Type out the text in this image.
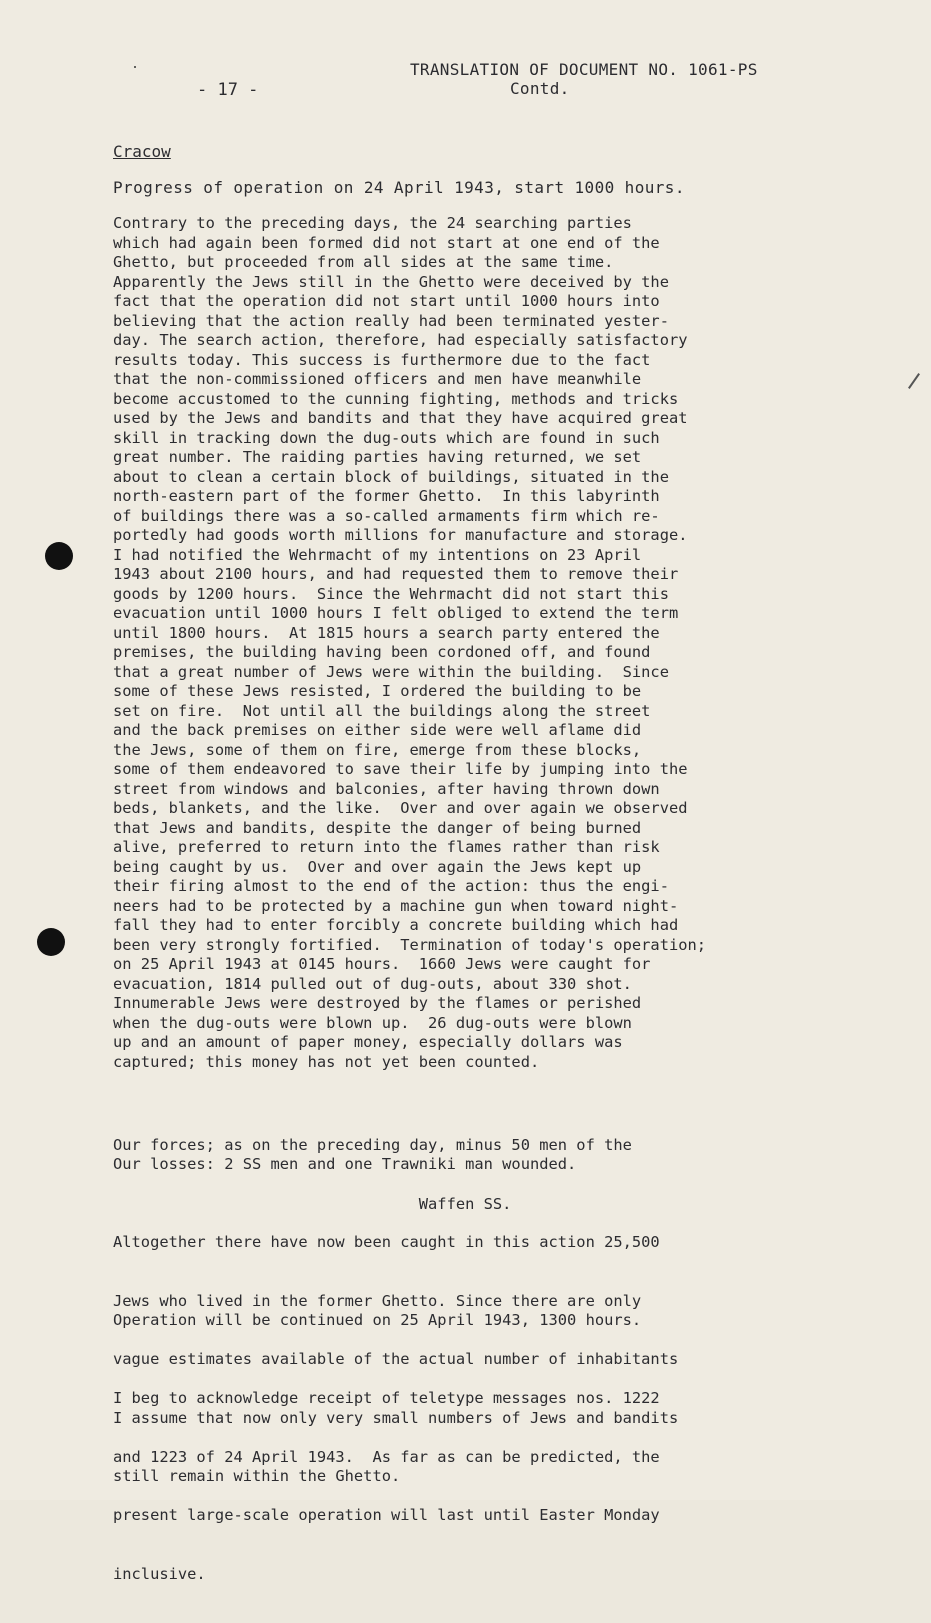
- 17 -
TRANSLATION OF DOCUMENT NO. 1061-PS
Contd.
Cracow
Progress of operation on 24 April 1943, start 1000 hours.
Contrary to the preceding days, the 24 searching parties
which had again been formed did not start at one end of the
Ghetto, but proceeded from all sides at the same time.
Apparently the Jews still in the Ghetto were deceived by the
fact that the operation did not start until 1000 hours into
believing that the action really had been terminated yester-
day. The search action, therefore, had especially satisfactory
results today. This success is furthermore due to the fact
that the non-commissioned officers and men have meanwhile
become accustomed to the cunning fighting, methods and tricks
used by the Jews and bandits and that they have acquired great
skill in tracking down the dug-outs which are found in such
great number. The raiding parties having returned, we set
about to clean a certain block of buildings, situated in the
north-eastern part of the former Ghetto.  In this labyrinth
of buildings there was a so-called armaments firm which re-
portedly had goods worth millions for manufacture and storage.
I had notified the Wehrmacht of my intentions on 23 April
1943 about 2100 hours, and had requested them to remove their
goods by 1200 hours.  Since the Wehrmacht did not start this
evacuation until 1000 hours I felt obliged to extend the term
until 1800 hours.  At 1815 hours a search party entered the
premises, the building having been cordoned off, and found
that a great number of Jews were within the building.  Since
some of these Jews resisted, I ordered the building to be
set on fire.  Not until all the buildings along the street
and the back premises on either side were well aflame did
the Jews, some of them on fire, emerge from these blocks,
some of them endeavored to save their life by jumping into the
street from windows and balconies, after having thrown down
beds, blankets, and the like.  Over and over again we observed
that Jews and bandits, despite the danger of being burned
alive, preferred to return into the flames rather than risk
being caught by us.  Over and over again the Jews kept up
their firing almost to the end of the action: thus the engi-
neers had to be protected by a machine gun when toward night-
fall they had to enter forcibly a concrete building which had
been very strongly fortified.  Termination of today's operation;
on 25 April 1943 at 0145 hours.  1660 Jews were caught for
evacuation, 1814 pulled out of dug-outs, about 330 shot.
Innumerable Jews were destroyed by the flames or perished
when the dug-outs were blown up.  26 dug-outs were blown
up and an amount of paper money, especially dollars was
captured; this money has not yet been counted.

Our forces; as on the preceding day, minus 50 men of the

Waffen SS.

Our losses: 2 SS men and one Trawniki man wounded.

Altogether there have now been caught in this action 25,500

Jews who lived in the former Ghetto. Since there are only

vague estimates available of the actual number of inhabitants

I assume that now only very small numbers of Jews and bandits

still remain within the Ghetto.

Operation will be continued on 25 April 1943, 1300 hours.

I beg to acknowledge receipt of teletype messages nos. 1222

and 1223 of 24 April 1943.  As far as can be predicted, the

present large-scale operation will last until Easter Monday

inclusive.
